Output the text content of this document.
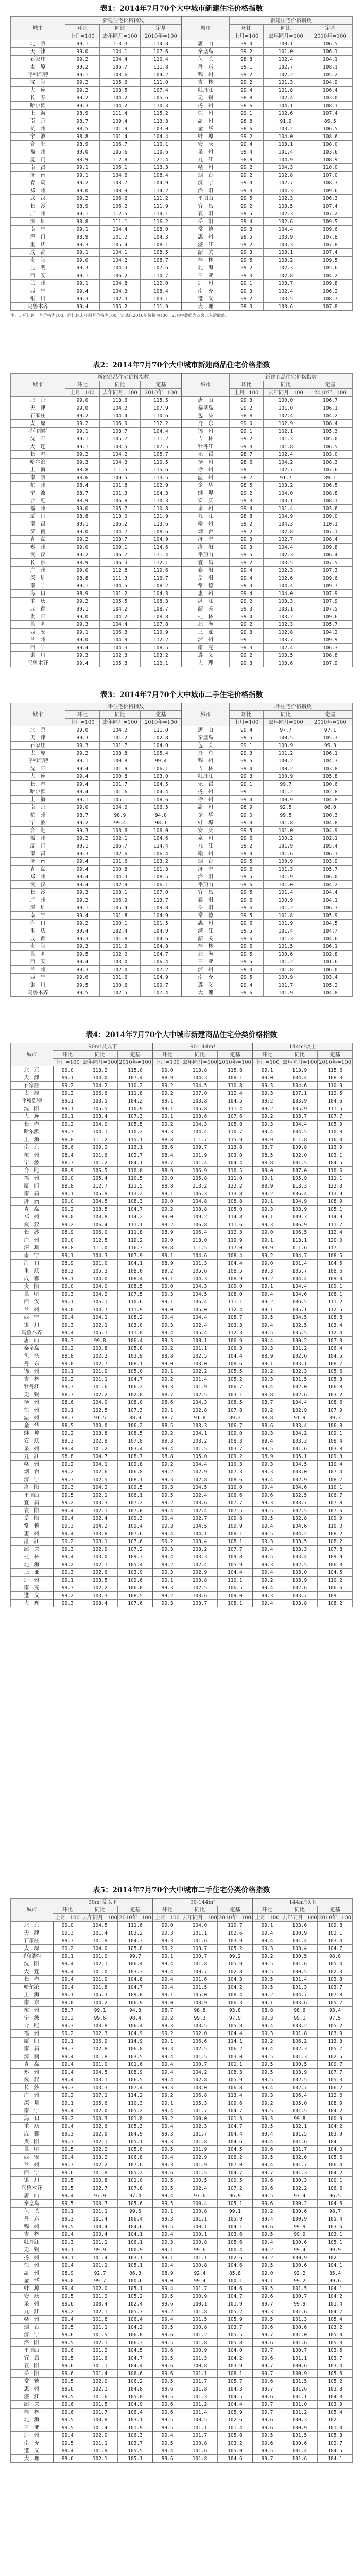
表1：2014年7月70个大中城市新建住宅价格指数
城市	新建住宅价格指数			城市	新建住宅价格指数		
	环比	同比	定基		环比	同比	定基
	上月=100	去年同月=100	2010年=100		上月=100	去年同月=100	2010年=100
北　京	99.1	113.3	114.8	唐　山	99.4	100.1	106.5
天　津	99.0	104.1	107.6	秦皇岛	99.2	101.0	106.1
石家庄	99.2	104.4	110.4	包　头	98.8	102.4	104.1
太　原	99.2	106.7	111.8	丹　东	99.1	102.7	108.1
呼和浩特	99.1	103.6	104.2	锦　州	99.2	102.2	105.2
沈　阳	99.2	105.6	111.0	吉　林	99.2	101.3	104.9
大　连	99.2	103.5	107.4	牡丹江	99.4	101.8	106.4
长　春	99.2	104.2	105.6	无　锡	98.8	102.4	103.0
哈尔滨	99.3	104.2	110.3	扬　州	98.6	104.1	108.1
上　海	98.9	111.4	115.2	徐　州	99.1	102.6	107.4
南　京	98.7	109.4	113.3	温　州	98.8	91.9	89.5
杭　州	98.5	101.9	103.0	金　华	98.6	103.2	106.5
宁　波	98.8	101.4	104.4	蚌　埠	99.2	104.0	108.6
合　肥	98.9	106.7	110.1	安　庆	99.4	103.1	108.0
福　州	99.0	105.6	110.6	泉　州	99.4	101.4	103.6
厦　门	98.9	112.8	121.4	九　江	98.8	104.9	108.9
南　昌	99.1	106.1	113.3	赣　州	99.2	104.3	110.0
济　南	99.1	104.6	108.4	烟　台	99.2	102.8	107.0
青　岛	99.2	103.7	104.9	济　宁	99.4	102.7	108.3
郑　州	99.0	108.9	114.2	洛　阳	99.3	104.3	109.6
武　汉	99.2	106.6	111.2	平顶山	99.5	102.3	106.3
长　沙	98.9	106.2	111.9	宜　昌	99.2	103.5	107.4
广　州	99.1	112.5	119.1	襄　阳	99.5	102.3	107.2
深　圳	98.8	111.1	116.2	岳　阳	99.4	102.6	109.5
南　宁	99.1	104.4	108.0	常　德	99.3	104.4	109.6
海　口	98.9	101.2	104.3	惠　州	99.5	103.9	107.8
重　庆	99.3	105.4	108.1	湛　江	99.2	103.3	107.8
成　都	99.1	104.1	108.5	韶　关	99.3	103.1	107.4
贵　阳	99.0	104.2	108.7	桂　林	99.5	103.2	109.5
昆　明	99.3	104.3	107.6	北　海	99.2	102.3	105.6
西　安	99.1	106.2	110.7	三　亚	99.3	102.8	104.2
兰　州	99.1	104.8	112.0	泸　州	99.1	103.7	109.8
西　宁	99.4	104.3	108.4	南　充	99.3	102.4	106.2
银　川	99.3	102.3	103.1	遵　义	99.2	103.5	108.7
乌鲁木齐	99.4	105.2	111.9	大　理	99.3	103.6	107.8
注：1.环比以上月价格为100，同比以去年同月价格为100，定基以2010年价格为100。2.表中数据为四舍五入后取值。
表2：2014年7月70个大中城市新建商品住宅价格指数
城市	新建商品住宅价格指数			城市	新建商品住宅价格指数		
	环比	同比	定基		环比	同比	定基
	上月=100	去年同月=100	2010年=100		上月=100	去年同月=100	2010年=100
北　京	99.0	113.6	115.5	唐　山	99.3	100.0	106.7
天　津	99.0	104.2	107.9	秦皇岛	99.2	101.0	106.1
石家庄	99.2	104.4	110.6	包　头	98.8	102.4	104.2
太　原	99.2	106.9	112.2	丹　东	99.0	102.9	108.4
呼和浩特	99.1	103.7	104.4	锦　州	99.1	102.1	105.3
沈　阳	99.1	105.7	111.2	吉　林	99.2	101.3	105.0
大　连	99.1	103.5	107.5	牡丹江	99.3	101.8	106.5
长　春	99.2	104.2	105.7	无　锡	98.7	102.4	103.0
哈尔滨	99.3	104.3	110.5	扬　州	98.6	104.2	108.3
上　海	98.8	111.5	115.6	徐　州	99.1	102.7	107.6
南　京	98.6	109.5	113.5	温　州	98.7	91.7	89.1
杭　州	98.4	101.8	102.9	金　华	98.5	103.2	106.5
宁　波	98.7	101.3	104.3	蚌　埠	99.2	104.0	108.8
合　肥	98.9	106.8	110.3	安　庆	99.3	103.1	108.1
福　州	99.0	105.7	110.8	泉　州	99.4	101.4	103.6
厦　门	98.8	113.0	121.9	九　江	98.8	104.9	109.0
南　昌	99.1	106.2	113.6	赣　州	99.2	104.3	110.1
济　南	99.0	104.7	108.6	烟　台	99.2	102.8	107.1
青　岛	99.2	103.7	104.9	济　宁	99.3	102.7	108.4
郑　州	99.0	109.1	114.6	洛　阳	99.3	104.4	109.8
武　汉	99.2	106.7	111.4	平顶山	99.5	102.3	106.4
长　沙	98.9	106.3	112.1	宜　昌	99.2	103.5	107.5
广　州	99.0	112.8	119.6	襄　阳	99.4	102.3	107.3
深　圳	98.8	111.3	116.7	岳　阳	99.4	102.6	109.6
南　宁	99.1	104.5	108.2	常　德	99.3	104.4	109.7
海　口	98.9	101.2	104.3	惠　州	99.4	104.0	107.9
重　庆	99.2	105.5	108.3	湛　江	99.2	103.3	107.9
成　都	99.1	104.2	108.7	韶　关	99.3	103.1	107.5
贵　阳	99.0	104.2	108.8	桂　林	99.4	103.2	109.6
昆　明	99.3	104.4	107.8	北　海	99.2	102.3	105.7
西　安	99.1	106.3	110.9	三　亚	99.3	102.8	104.2
兰　州	99.0	104.9	112.2	泸　州	99.1	103.7	109.9
西　宁	99.4	104.3	108.5	南　充	99.3	102.4	106.3
银　川	99.3	102.3	103.2	遵　义	99.2	103.5	108.8
乌鲁木齐	99.4	105.3	112.1	大　理	99.3	103.6	107.9
表3：2014年7月70个大中城市二手住宅价格指数
城市	二手住宅价格指数			城市	二手住宅价格指数		
	环比	同比	定基		环比	同比	定基
	上月=100	去年同月=100	2010年=100		上月=100	去年同月=100	2010年=100
北　京	99.0	104.2	111.0	唐　山	99.4	97.7	97.1
天　津	99.3	101.2	102.8	秦皇岛	99.5	100.5	105.3
石家庄	99.3	101.7	104.0	包　头	99.1	100.9	99.3
太　原	99.2	103.8	105.4	丹　东	99.3	101.2	106.1
呼和浩特	99.1	100.8	99.4	锦　州	99.5	100.2	104.3
沈　阳	99.4	101.9	106.1	吉　林	99.4	100.2	103.8
大　连	99.4	100.8	103.0	牡丹江	99.3	100.9	105.8
长　春	99.4	101.7	104.5	无　锡	99.1	99.7	100.6
哈尔滨	99.4	101.6	104.4	扬　州	99.1	101.2	102.8
上　海	99.1	105.1	108.6	徐　州	99.4	100.9	104.8
南　京	99.0	104.0	106.5	温　州	98.9	92.5	86.0
杭　州	98.7	98.9	94.0	金　华	99.0	99.5	100.3
宁　波	99.2	99.4	98.1	蚌　埠	99.4	101.8	104.8
合　肥	99.3	103.6	106.0	安　庆	99.5	101.0	104.9
福　州	99.2	102.1	104.6	泉　州	99.6	100.2	102.1
厦　门	99.1	106.7	114.4	九　江	99.2	101.9	105.4
南　昌	99.3	102.6	106.4	赣　州	99.4	101.6	106.1
济　南	99.4	101.6	103.2	烟　台	99.5	100.9	103.9
青　岛	99.4	100.8	101.3	济　宁	99.6	101.3	105.7
郑　州	99.4	104.3	108.5	洛　阳	99.5	101.9	106.0
武　汉	99.4	102.9	106.1	平顶山	99.6	101.0	104.2
长　沙	99.3	103.1	107.0	宜　昌	99.5	101.4	104.4
广　州	99.2	106.9	113.7	襄　阳	99.6	100.9	104.1
深　圳	99.1	105.4	109.8	岳　阳	99.6	101.2	106.3
南　宁	99.4	101.8	104.9	常　德	99.5	101.8	105.9
海　口	99.2	100.1	101.5	惠　州	99.6	101.9	104.5
重　庆	99.4	102.4	104.9	湛　江	99.5	101.4	104.7
成　都	99.3	101.8	104.6	韶　关	99.6	101.3	104.6
贵　阳	99.3	101.9	104.8	桂　林	99.6	101.5	106.1
昆　明	99.5	102.0	104.7	北　海	99.5	100.6	102.8
西　安	99.4	103.0	106.4	三　亚	99.5	101.2	101.6
兰　州	99.3	102.0	107.2	泸　州	99.4	101.8	106.0
西　宁	99.6	101.6	104.9	南　充	99.5	100.9	103.4
银　川	99.5	100.6	100.7	遵　义	99.4	101.7	105.2
乌鲁木齐	99.5	102.5	107.4	大　理	99.6	101.9	104.8
表4：2014年7月70个大中城市新建商品住宅分类价格指数
城市	90m²及以下			90-144m²			144m²以上		
	环比	同比	定基	环比	同比	定基	环比	同比	定基
	上月=100	去年同月=100	2010年=100	上月=100	去年同月=100	2010年=100	上月=100	去年同月=100	2010年=100
北　京	99.0	113.2	115.0	99.0	113.8	115.8	99.1	113.9	115.6
天　津	99.1	104.0	107.4	98.9	104.3	108.1	99.0	104.4	108.3
石家庄	99.2	104.2	110.2	99.2	104.5	110.8	99.3	104.6	110.9
太　原	99.2	106.6	111.8	99.2	107.0	112.4	99.3	107.1	112.5
呼和浩特	99.1	103.5	104.2	99.1	103.8	104.5	99.2	103.9	104.6
沈　阳	99.1	105.5	110.9	99.1	105.8	111.4	99.2	105.9	111.5
大　连	99.1	103.4	107.3	99.1	103.6	107.6	99.2	103.7	107.7
长　春	99.2	104.0	105.5	99.2	104.3	105.8	99.3	104.4	105.9
哈尔滨	99.3	104.1	110.2	99.3	104.4	110.7	99.4	104.5	110.8
上　海	98.8	111.2	115.1	98.8	111.7	115.9	98.9	111.8	116.0
南　京	98.6	109.2	113.1	98.6	109.7	113.8	98.7	109.8	113.9
杭　州	98.4	101.6	102.7	98.4	101.9	103.0	98.5	102.0	103.1
宁　波	98.7	101.2	104.1	98.7	101.4	104.4	98.8	101.5	104.5
合　肥	98.9	106.5	110.0	98.9	106.9	110.5	99.0	107.0	110.6
福　州	99.0	105.4	110.5	99.0	105.8	111.0	99.1	105.9	111.1
厦　门	98.8	112.7	121.5	98.8	113.2	122.2	98.9	113.3	122.3
南　昌	99.1	105.9	113.2	99.1	106.3	113.8	99.2	106.4	113.9
济　南	99.0	104.5	108.3	99.0	104.8	108.8	99.1	104.9	108.9
青　岛	99.2	103.5	104.7	99.2	103.8	105.0	99.3	103.9	105.1
郑　州	99.0	108.8	114.2	99.0	109.2	114.8	99.1	109.3	114.9
武　汉	99.2	106.4	111.1	99.2	106.8	111.6	99.3	106.9	111.7
长　沙	98.9	106.0	111.8	98.9	106.4	112.3	99.0	106.5	112.4
广　州	99.0	112.5	119.2	99.0	113.0	119.9	99.1	113.1	120.0
深　圳	98.8	111.0	116.3	98.8	111.5	117.0	98.9	111.6	117.1
南　宁	99.1	104.3	107.9	99.1	104.6	108.4	99.2	104.7	108.5
海　口	98.9	101.0	104.1	98.9	101.3	104.4	99.0	101.4	104.5
重　庆	99.2	105.3	108.0	99.2	105.6	108.5	99.3	105.7	108.6
成　都	99.1	104.0	108.4	99.1	104.3	108.9	99.2	104.4	109.0
贵　阳	99.0	104.0	108.5	99.0	104.3	109.0	99.1	104.4	109.1
昆　明	99.3	104.2	107.5	99.3	104.5	108.0	99.4	104.6	108.1
西　安	99.1	106.1	110.6	99.1	106.4	111.1	99.2	106.5	111.2
兰　州	99.0	104.7	111.9	99.0	105.0	112.4	99.1	105.1	112.5
西　宁	99.4	104.1	108.2	99.4	104.4	108.7	99.5	104.5	108.8
银　川	99.3	102.1	103.0	99.3	102.4	103.3	99.4	102.5	103.4
乌鲁木齐	99.4	105.1	111.8	99.4	105.4	112.3	99.5	105.5	112.4
唐　山	99.3	99.8	106.4	99.3	100.1	106.9	99.4	100.2	107.0
秦皇岛	99.2	100.8	105.8	99.2	101.1	106.3	99.3	101.2	106.4
包　头	98.8	102.2	103.9	98.8	102.5	104.4	98.9	102.6	104.5
丹　东	99.0	102.7	108.1	99.0	103.0	108.6	99.1	103.1	108.7
锦　州	99.1	101.9	105.0	99.1	102.2	105.5	99.2	102.3	105.6
吉　林	99.2	101.1	104.7	99.2	101.4	105.2	99.3	101.5	105.3
牡丹江	99.3	101.6	106.2	99.3	101.9	106.7	99.4	102.0	106.8
无　锡	98.7	102.2	102.8	98.7	102.5	103.1	98.8	102.6	103.2
扬　州	98.6	104.0	108.0	98.6	104.3	108.5	98.7	104.4	108.6
徐　州	99.1	102.5	107.3	99.1	102.8	107.8	99.2	102.9	107.9
温　州	98.7	91.5	88.9	98.7	91.8	89.2	98.8	91.9	89.3
金　华	98.5	103.0	106.2	98.5	103.3	106.7	98.6	103.4	106.8
蚌　埠	99.2	103.8	108.5	99.2	104.1	109.0	99.3	104.2	109.1
安　庆	99.3	102.9	107.8	99.3	103.2	108.3	99.4	103.3	108.4
泉　州	99.4	101.2	103.4	99.4	101.5	103.7	99.5	101.6	103.8
九　江	98.8	104.7	108.7	98.8	105.0	109.2	98.9	105.1	109.3
赣　州	99.2	104.1	109.8	99.2	104.4	110.3	99.3	104.5	110.4
烟　台	99.2	102.6	106.8	99.2	102.9	107.3	99.3	103.0	107.4
济　宁	99.3	102.5	108.1	99.3	102.8	108.6	99.4	102.9	108.7
洛　阳	99.3	104.2	109.5	99.3	104.5	110.0	99.4	104.6	110.1
平顶山	99.5	102.1	106.1	99.5	102.4	106.6	99.6	102.5	106.7
宜　昌	99.2	103.3	107.2	99.2	103.6	107.7	99.3	103.7	107.8
襄　阳	99.4	102.1	107.0	99.4	102.4	107.5	99.5	102.5	107.6
岳　阳	99.4	102.4	109.3	99.4	102.7	109.8	99.5	102.8	109.9
常　德	99.3	104.2	109.4	99.3	104.5	109.9	99.4	104.6	110.0
惠　州	99.4	103.8	107.6	99.4	104.1	108.1	99.5	104.2	108.2
湛　江	99.2	103.1	107.6	99.2	103.4	108.1	99.3	103.5	108.2
韶　关	99.3	102.9	107.2	99.3	103.2	107.7	99.4	103.3	107.8
桂　林	99.4	103.0	109.3	99.4	103.3	109.8	99.5	103.4	109.9
北　海	99.2	102.1	105.4	99.2	102.4	105.9	99.3	102.5	106.0
三　亚	99.3	102.6	103.9	99.3	102.9	104.4	99.4	103.0	104.5
泸　州	99.1	103.5	109.6	99.1	103.8	110.1	99.2	103.9	110.2
南　充	99.3	102.2	106.0	99.3	102.5	106.5	99.4	102.6	106.6
遵　义	99.2	103.3	108.5	99.2	103.6	109.0	99.3	103.7	109.1
大　理	99.3	103.4	107.6	99.3	103.7	108.1	99.4	103.8	108.2
表5：2014年7月70个大中城市二手住宅分类价格指数
城市	90m²及以下			90-144m²			144m²以上		
	环比	同比	定基	环比	同比	定基	环比	同比	定基
	上月=100	去年同月=100	2010年=100	上月=100	去年同月=100	2010年=100	上月=100	去年同月=100	2010年=100
北　京	99.0	104.5	111.6	99.0	104.0	110.7	99.1	103.6	109.8
天　津	99.3	101.4	103.2	99.3	101.1	102.6	99.4	100.9	102.1
石家庄	99.3	101.9	104.3	99.3	101.6	103.9	99.4	101.4	103.4
太　原	99.2	104.0	105.8	99.2	103.7	105.2	99.3	103.4	104.7
呼和浩特	99.1	101.0	99.7	99.1	100.7	99.2	99.2	100.5	98.8
沈　阳	99.4	102.1	106.4	99.4	101.8	105.9	99.5	101.6	105.4
大　连	99.4	101.0	103.3	99.4	100.7	102.8	99.5	100.5	102.3
长　春	99.4	101.9	104.8	99.4	101.6	104.3	99.5	101.4	103.8
哈尔滨	99.4	101.8	104.7	99.4	101.5	104.2	99.5	101.3	103.7
上　海	99.1	105.3	109.0	99.1	105.0	108.4	99.2	104.7	107.8
南　京	99.0	104.2	106.9	99.0	103.9	106.3	99.1	103.6	105.7
杭　州	98.7	99.1	94.3	98.7	98.8	93.8	98.8	98.6	93.4
宁　波	99.2	99.6	98.4	99.2	99.3	97.9	99.3	99.1	97.5
合　肥	99.3	103.8	106.4	99.3	103.5	105.8	99.4	103.2	105.2
福　州	99.2	102.3	104.9	99.2	102.0	104.4	99.3	101.8	103.9
厦　门	99.1	106.9	114.9	99.1	106.6	114.1	99.2	106.2	113.3
南　昌	99.3	102.8	106.8	99.3	102.5	106.2	99.4	102.3	105.7
济　南	99.4	101.8	103.5	99.4	101.5	103.0	99.5	101.3	102.5
青　岛	99.4	101.0	101.6	99.4	100.7	101.1	99.5	100.5	100.7
郑　州	99.4	104.5	108.9	99.4	104.2	108.3	99.5	103.9	107.7
武　汉	99.4	103.1	106.5	99.4	102.8	105.9	99.5	102.5	105.3
长　沙	99.3	103.3	107.4	99.3	103.0	106.8	99.4	102.7	106.2
广　州	99.2	107.1	114.2	99.2	106.8	113.4	99.3	106.4	112.6
深　圳	99.1	105.6	110.3	99.1	105.3	109.6	99.2	105.0	108.9
南　宁	99.4	102.0	105.2	99.4	101.7	104.7	99.5	101.5	104.2
海　口	99.2	100.3	101.8	99.2	100.0	101.3	99.3	99.8	100.9
重　庆	99.4	102.6	105.3	99.4	102.3	104.7	99.5	102.1	104.2
成　都	99.3	102.0	104.9	99.3	101.7	104.4	99.4	101.5	103.9
贵　阳	99.3	102.1	105.1	99.3	101.8	104.6	99.4	101.6	104.1
昆　明	99.5	102.2	105.0	99.5	101.9	104.5	99.6	101.7	104.0
西　安	99.4	103.2	106.8	99.4	102.9	106.2	99.5	102.6	105.6
兰　州	99.3	102.2	107.6	99.3	101.9	107.0	99.4	101.7	106.4
西　宁	99.6	101.8	105.2	99.6	101.5	104.7	99.7	101.3	104.2
银　川	99.5	100.8	101.0	99.5	100.5	100.5	99.6	100.3	100.1
乌鲁木齐	99.5	102.7	107.8	99.5	102.4	107.2	99.6	102.2	106.6
唐　山	99.4	97.9	97.4	99.4	97.6	96.9	99.5	97.4	96.5
秦皇岛	99.5	100.7	105.6	99.5	100.4	105.1	99.6	100.2	104.6
包　头	99.1	101.1	99.6	99.1	100.8	99.1	99.2	100.6	98.7
丹　东	99.3	101.4	106.4	99.3	101.1	105.9	99.4	100.9	105.4
锦　州	99.5	100.4	104.6	99.5	100.1	104.1	99.6	99.9	103.6
吉　林	99.4	100.4	104.1	99.4	100.1	103.6	99.5	99.9	103.1
牡丹江	99.3	101.1	106.1	99.3	100.8	105.6	99.4	100.6	105.1
无　锡	99.1	99.9	100.9	99.1	99.6	100.4	99.2	99.4	99.9
扬　州	99.1	101.4	103.1	99.1	101.1	102.6	99.2	100.9	102.1
徐　州	99.4	101.1	105.1	99.4	100.8	104.6	99.5	100.6	104.1
温　州	98.9	92.7	86.3	98.9	92.4	85.8	99.0	92.2	85.4
金　华	99.0	99.7	100.6	99.0	99.4	100.1	99.1	99.2	99.6
蚌　埠	99.4	102.0	105.1	99.4	101.7	104.6	99.5	101.5	104.1
安　庆	99.5	101.2	105.2	99.5	100.9	104.7	99.6	100.7	104.2
泉　州	99.6	100.4	102.4	99.6	100.1	101.9	99.7	99.9	101.4
九　江	99.2	102.1	105.7	99.2	101.8	105.2	99.3	101.6	104.7
赣　州	99.4	101.8	106.4	99.4	101.5	105.9	99.5	101.3	105.4
烟　台	99.5	101.1	104.2	99.5	100.8	103.7	99.6	100.6	103.2
济　宁	99.6	101.5	106.0	99.6	101.2	105.5	99.7	101.0	105.0
洛　阳	99.5	102.1	106.3	99.5	101.8	105.8	99.6	101.6	105.3
平顶山	99.6	101.2	104.5	99.6	100.9	104.0	99.7	100.7	103.5
宜　昌	99.5	101.6	104.7	99.5	101.3	104.2	99.6	101.1	103.7
襄　阳	99.6	101.1	104.4	99.6	100.8	103.9	99.7	100.6	103.4
岳　阳	99.6	101.4	106.6	99.6	101.1	106.1	99.7	100.9	105.6
常　德	99.5	102.0	106.2	99.5	101.7	105.7	99.6	101.5	105.2
惠　州	99.6	102.1	104.8	99.6	101.8	104.3	99.7	101.6	103.8
湛　江	99.5	101.6	105.0	99.5	101.3	104.5	99.6	101.1	104.0
韶　关	99.6	101.5	104.9	99.6	101.2	104.4	99.7	101.0	103.9
桂　林	99.6	101.7	106.4	99.6	101.4	105.9	99.7	101.2	105.4
北　海	99.5	100.8	103.1	99.5	100.5	102.6	99.6	100.3	102.1
三　亚	99.5	101.4	101.9	99.5	101.1	101.4	99.6	100.9	101.0
泸　州	99.4	102.0	106.3	99.4	101.7	105.8	99.5	101.5	105.3
南　充	99.5	101.1	103.7	99.5	100.8	103.2	99.6	100.6	102.7
遵　义	99.4	101.9	105.5	99.4	101.6	105.0	99.5	101.4	104.5
大　理	99.6	102.1	105.1	99.6	101.8	104.6	99.7	101.6	104.1
